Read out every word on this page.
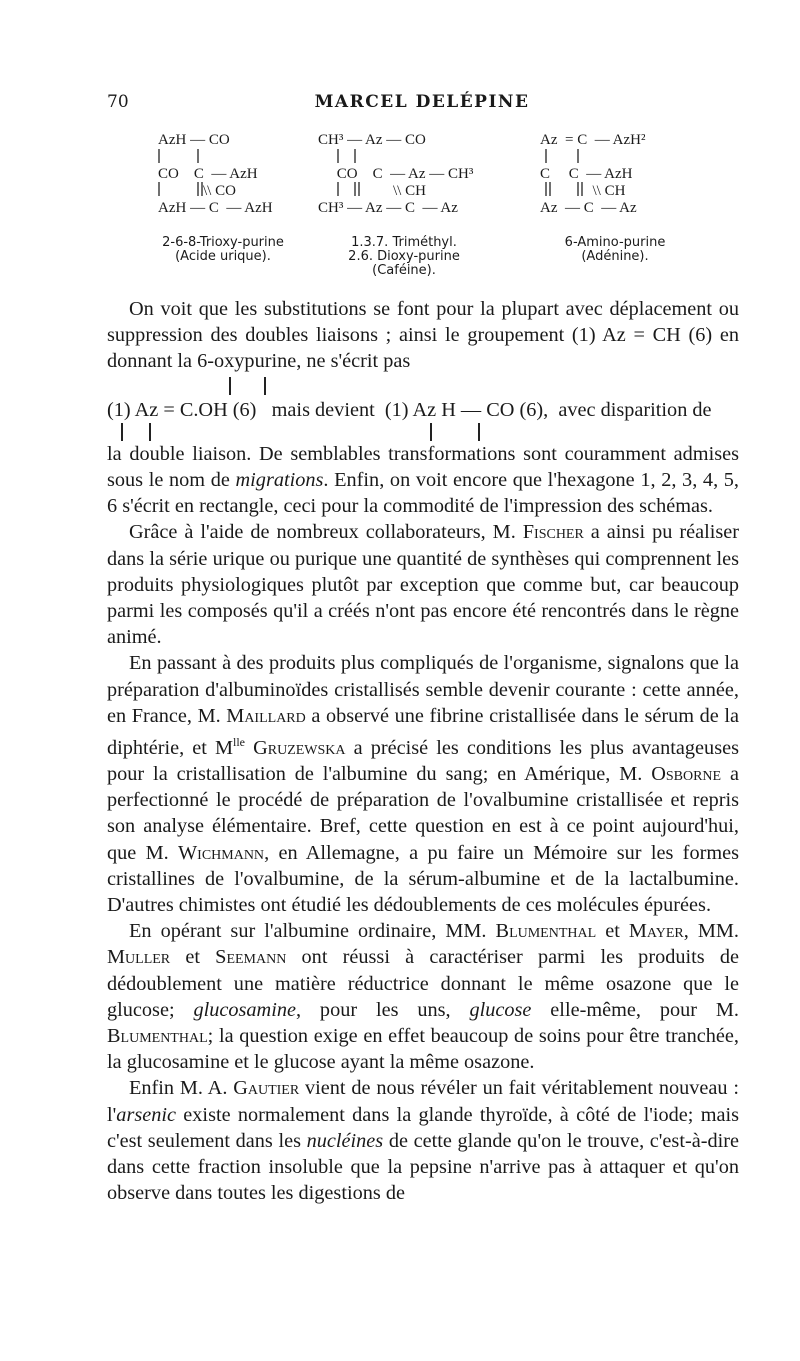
70	MARCEL DELÉPINE
AzH — CO
CO    C  — AzH
\\ CO
AzH — C  — AzH
2-6-8-Trioxy-purine
(Acide urique).
CH³ — Az — CO
CO    C  — Az — CH³
\\ CH
CH³ — Az — C  — Az
1.3.7. Triméthyl.
2.6. Dioxy-purine
(Caféine).
Az  = C  — AzH²
C     C  — AzH
\\ CH
Az  — C  — Az
6-Amino-purine
(Adénine).

On voit que les substitutions se font pour la plupart avec déplacement ou suppression des doubles liaisons ; ainsi le groupement (1) Az = CH (6) en donnant la 6-oxypurine, ne s'écrit pas

(1) Az = C.OH (6) mais devient (1) Az H — CO (6), avec disparition de

la double liaison. De semblables transformations sont couramment admises sous le nom de migrations. Enfin, on voit encore que l'hexagone 1, 2, 3, 4, 5, 6 s'écrit en rectangle, ceci pour la commodité de l'impression des schémas.

Grâce à l'aide de nombreux collaborateurs, M. Fischer a ainsi pu réaliser dans la série urique ou purique une quantité de synthèses qui comprennent les produits physiologiques plutôt par exception que comme but, car beaucoup parmi les composés qu'il a créés n'ont pas encore été rencontrés dans le règne animé.

En passant à des produits plus compliqués de l'organisme, signalons que la préparation d'albuminoïdes cristallisés semble devenir courante : cette année, en France, M. Maillard a observé une fibrine cristallisée dans le sérum de la diphtérie, et $M^{lle}$ Gruzewska a précisé les conditions les plus avantageuses pour la cristallisation de l'albumine du sang; en Amérique, M. Osborne a perfectionné le procédé de préparation de l'ovalbumine cristallisée et repris son analyse élémentaire. Bref, cette question en est à ce point aujourd'hui, que M. Wichmann, en Allemagne, a pu faire un Mémoire sur les formes cristallines de l'ovalbumine, de la sérum-albumine et de la lactalbumine. D'autres chimistes ont étudié les dédoublements de ces molécules épurées.

En opérant sur l'albumine ordinaire, MM. Blumenthal et Mayer, MM. Muller et Seemann ont réussi à caractériser parmi les produits de dédoublement une matière réductrice donnant le même osazone que le glucose; glucosamine, pour les uns, glucose elle-même, pour M. Blumenthal; la question exige en effet beaucoup de soins pour être tranchée, la glucosamine et le glucose ayant la même osazone.

Enfin M. A. Gautier vient de nous révéler un fait véritablement nouveau : l'arsenic existe normalement dans la glande thyroïde, à côté de l'iode; mais c'est seulement dans les nucléines de cette glande qu'on le trouve, c'est-à-dire dans cette fraction insoluble que la pepsine n'arrive pas à attaquer et qu'on observe dans toutes les digestions de
